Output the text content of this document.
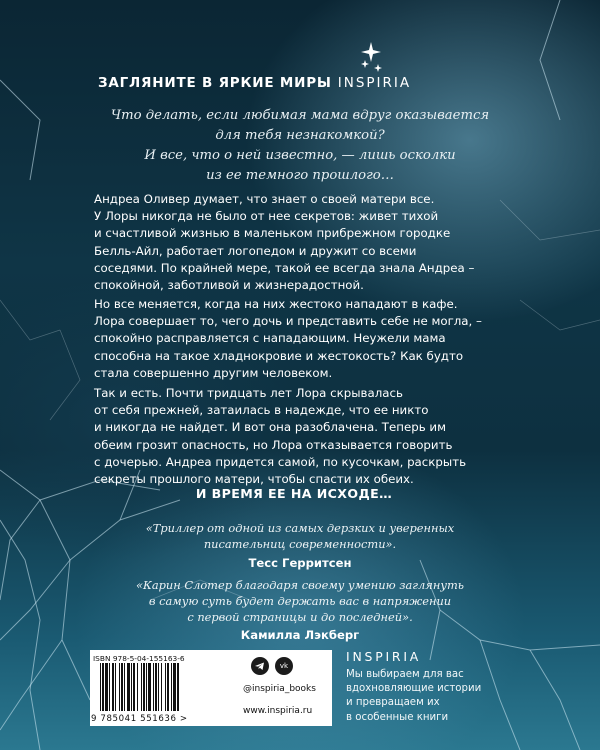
ЗАГЛЯНИТЕ В ЯРКИЕ МИРЫ INSPIRIA
Что делать, если любимая мама вдруг оказывается
для тебя незнакомкой?
И все, что о ней известно, — лишь осколки
из ее темного прошлого…
Андреа Оливер думает, что знает о своей матери все.
У Лоры никогда не было от нее секретов: живет тихой
и счастливой жизнью в маленьком прибрежном городке
Белль-Айл, работает логопедом и дружит со всеми
соседями. По крайней мере, такой ее всегда знала Андреа –
спокойной, заботливой и жизнерадостной.
Но все меняется, когда на них жестоко нападают в кафе.
Лора совершает то, чего дочь и представить себе не могла, –
спокойно расправляется с нападающим. Неужели мама
способна на такое хладнокровие и жестокость? Как будто
стала совершенно другим человеком.
Так и есть. Почти тридцать лет Лора скрывалась
от себя прежней, затаилась в надежде, что ее никто
и никогда не найдет. И вот она разоблачена. Теперь им
обеим грозит опасность, но Лора отказывается говорить
с дочерью. Андреа придется самой, по кусочкам, раскрыть
секреты прошлого матери, чтобы спасти их обеих.
И ВРЕМЯ ЕЕ НА ИСХОДЕ…
«Триллер от одной из самых дерзких и уверенных
писательниц современности».
Тесс Герритсен
«Карин Слотер благодаря своему умению заглянуть
в самую суть будет держать вас в напряжении
с первой страницы и до последней».
Камилла Лэкберг
ISBN 978-5-04-155163-6
9 785041 551636 >
vk
@inspiria_books
www.inspiria.ru
INSPIRIA
Мы выбираем для вас
вдохновляющие истории
и превращаем их
в особенные книги
